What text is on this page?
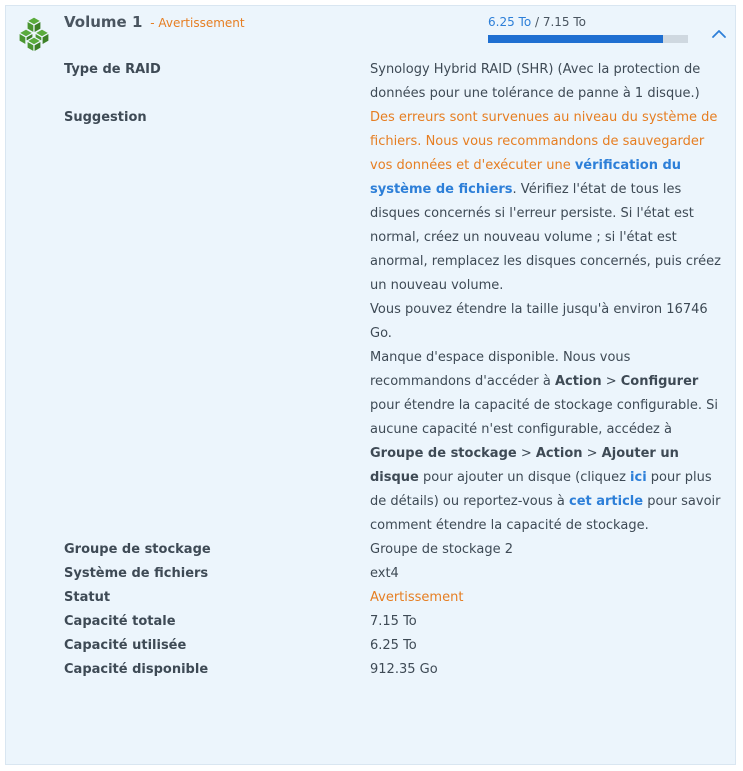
Volume 1 - Avertissement	6.25 To / 7.15 To
Type de RAID	Synology Hybrid RAID (SHR) (Avec la protection de données pour une tolérance de panne à 1 disque.)
Suggestion	Des erreurs sont survenues au niveau du système de fichiers. Nous vous recommandons de sauvegarder vos données et d'exécuter une vérification du système de fichiers. Vérifiez l'état de tous les disques concernés si l'erreur persiste. Si l'état est normal, créez un nouveau volume ; si l'état est anormal, remplacez les disques concernés, puis créez un nouveau volume.
Vous pouvez étendre la taille jusqu'à environ 16746 Go.
Manque d'espace disponible. Nous vous recommandons d'accéder à Action > Configurer pour étendre la capacité de stockage configurable. Si aucune capacité n'est configurable, accédez à Groupe de stockage > Action > Ajouter un disque pour ajouter un disque (cliquez ici pour plus de détails) ou reportez-vous à cet article pour savoir comment étendre la capacité de stockage.
Groupe de stockage	Groupe de stockage 2
Système de fichiers	ext4
Statut	Avertissement
Capacité totale	7.15 To
Capacité utilisée	6.25 To
Capacité disponible	912.35 Go
